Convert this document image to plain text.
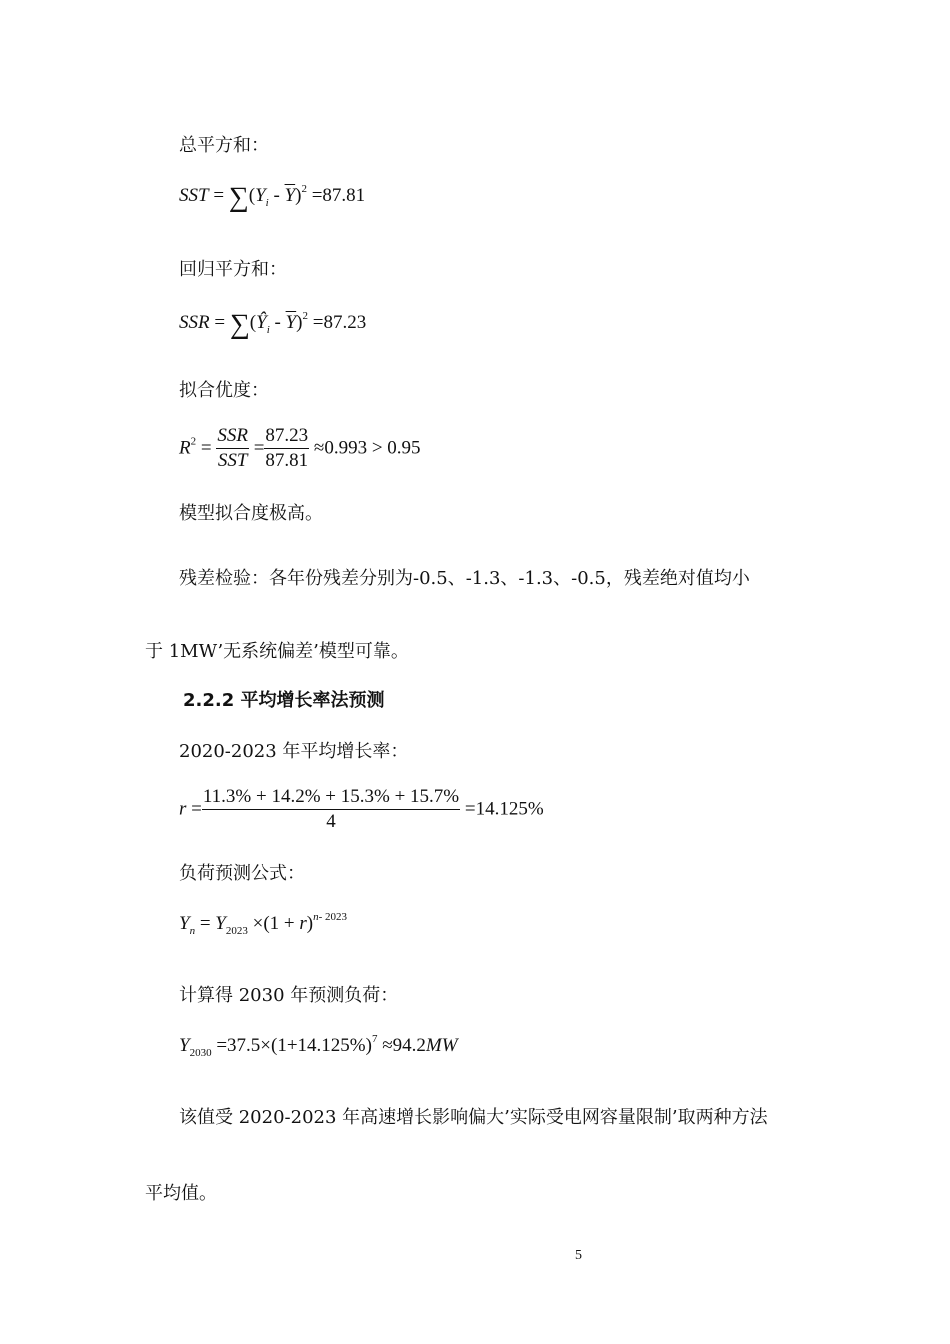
总平方和：
SST = $\sum(Y_i - \overline{Y})^2 =87.81$
回归平方和：
SSR = $\sum(Ŷ_i - \overline{Y})^2 =87.23$
拟合优度：
$R^2 = \frac{\text{SSR}}{\text{SST}} = \frac{87.23}{87.81} \approx 0.993 > 0.95$
模型拟合度极高。
残差检验：各年份残差分别为-0.5、-1.3、-1.3、-0.5，残差绝对值均小
于 1MW’无系统偏差’模型可靠。
2.2.2 平均增长率法预测
2020-2023 年平均增长率：
$r = \frac{11.3\% + 14.2\% + 15.3\% + 15.7\%}{4} =14.125\%$
负荷预测公式：
$Y_n = Y_{2023} \times(1 + r)^{n- 2023}$
计算得 2030 年预测负荷：
$Y_{2030} =37.5\times(1+14.125\%)^7 \approx 94.2MW$
该值受 2020-2023 年高速增长影响偏大’实际受电网容量限制’取两种方法
平均值。
5
